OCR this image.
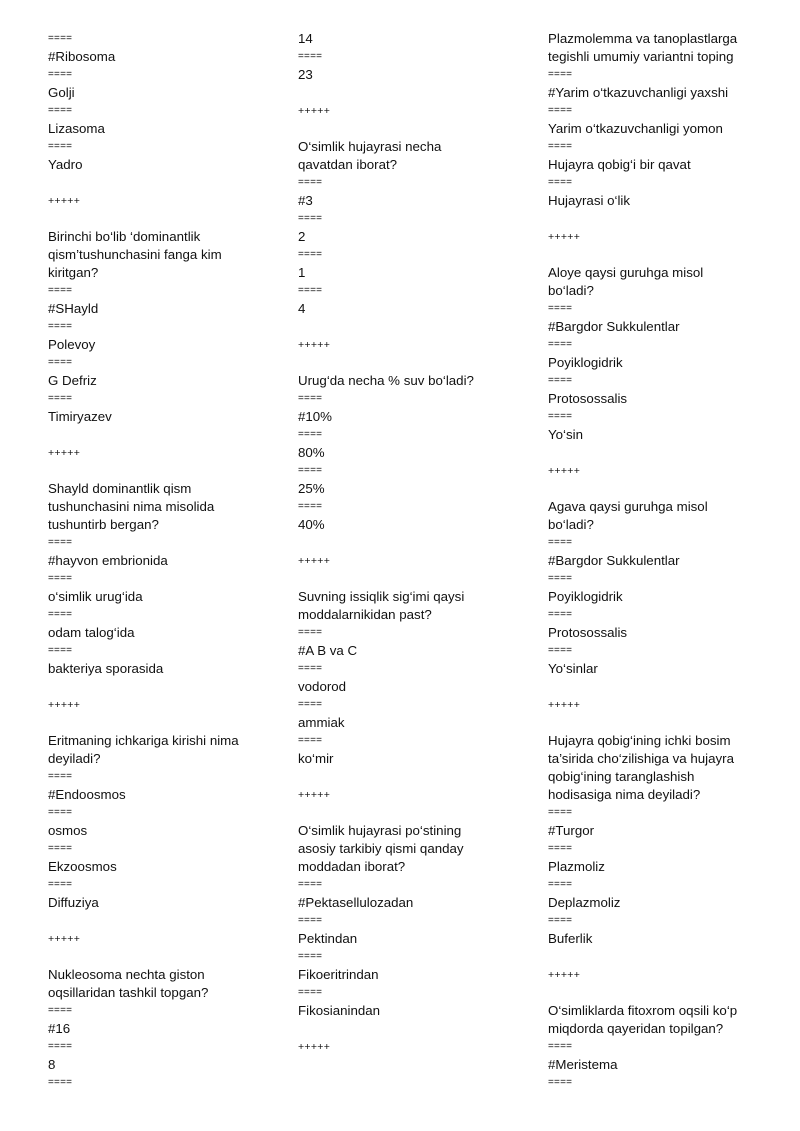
====
#Ribosoma
====
Golji
====
Lizasoma
====
Yadro
+++++
Birinchi bo‘lib ‘dominantlik
qism’tushunchasini fanga kim
kiritgan?
====
#SHayld
====
Polevoy
====
G Defriz
====
Timiryazev
+++++
Shayld dominantlik qism
tushunchasini nima misolida
tushuntirb bergan?
====
#hayvon embrionida
====
o‘simlik urug‘ida
====
odam talog‘ida
====
bakteriya sporasida
+++++
Eritmaning ichkariga kirishi nima
deyiladi?
====
#Endoosmos
====
osmos
====
Ekzoosmos
====
Diffuziya
+++++
Nukleosoma nechta giston
oqsillaridan tashkil topgan?
====
#16
====
8
====
14
====
23
+++++
O‘simlik hujayrasi necha
qavatdan iborat?
====
#3
====
2
====
1
====
4
+++++
Urug‘da necha % suv bo‘ladi?
====
#10%
====
80%
====
25%
====
40%
+++++
Suvning issiqlik sig‘imi qaysi
moddalarnikidan past?
====
#A B va C
====
vodorod
====
ammiak
====
ko‘mir
+++++
O‘simlik hujayrasi po‘stining
asosiy tarkibiy qismi qanday
moddadan iborat?
====
#Pektasellulozadan
====
Pektindan
====
Fikoeritrindan
====
Fikosianindan
+++++
Plazmolemma va tanoplastlarga
tegishli umumiy variantni toping
====
#Yarim o‘tkazuvchanligi yaxshi
====
Yarim o‘tkazuvchanligi yomon
====
Hujayra qobig‘i bir qavat
====
Hujayrasi o‘lik
+++++
Aloye qaysi guruhga misol
bo‘ladi?
====
#Bargdor Sukkulentlar
====
Poyiklogidrik
====
Protosossalis
====
Yo‘sin
+++++
Agava qaysi guruhga misol
bo‘ladi?
====
#Bargdor Sukkulentlar
====
Poyiklogidrik
====
Protosossalis
====
Yo‘sinlar
+++++
Hujayra qobig‘ining ichki bosim
ta’sirida cho‘zilishiga va hujayra
qobig‘ining taranglashish
hodisasiga nima deyiladi?
====
#Turgor
====
Plazmoliz
====
Deplazmoliz
====
Buferlik
+++++
O‘simliklarda fitoxrom oqsili ko‘p
miqdorda qayeridan topilgan?
====
#Meristema
====
